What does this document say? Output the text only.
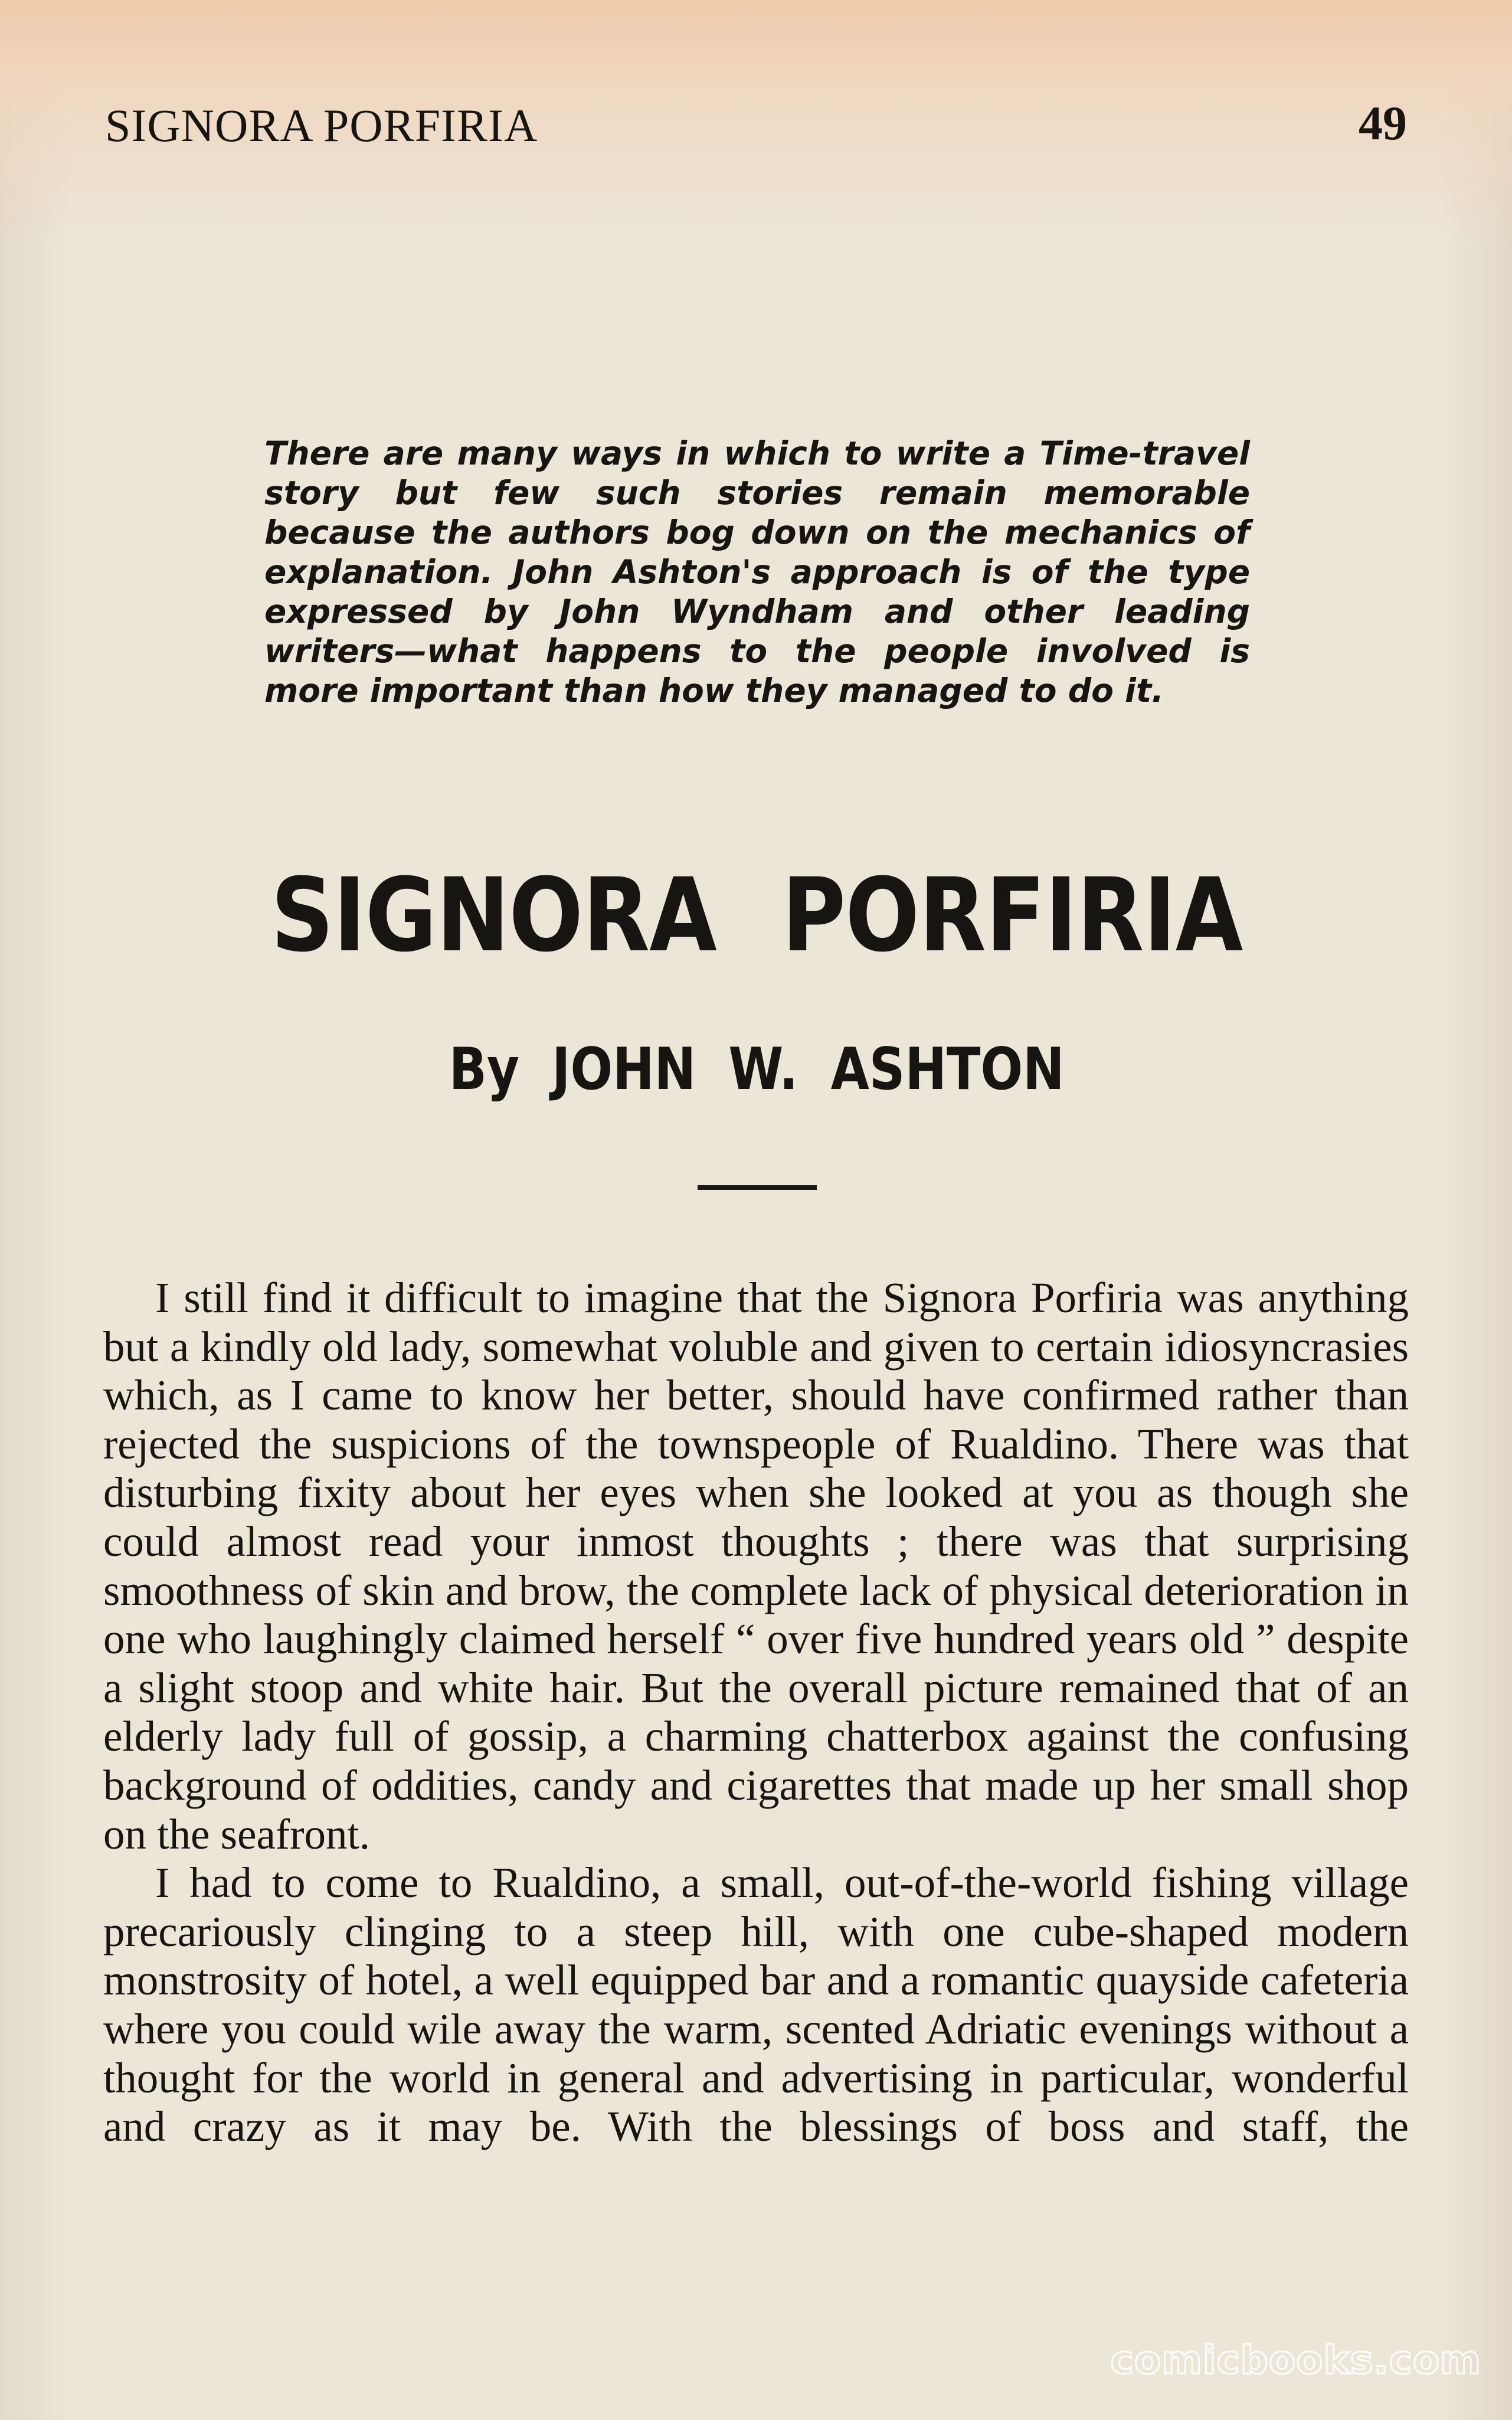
SIGNORA PORFIRIA	49
There are many ways in which to write a Time-travel story but few such stories remain memorable because the authors bog down on the mechanics of explanation. John Ashton's approach is of the type expressed by John Wyndham and other leading writers—what happens to the people involved is more important than how they managed to do it.
SIGNORA PORFIRIA
By JOHN W. ASHTON

I still find it difficult to imagine that the Signora Porfiria was anything but a kindly old lady, somewhat voluble and given to certain idiosyncrasies which, as I came to know her better, should have confirmed rather than rejected the suspicions of the townspeople of Rualdino. There was that disturbing fixity about her eyes when she looked at you as though she could almost read your inmost thoughts ; there was that surprising smoothness of skin and brow, the complete lack of physical deterioration in one who laughingly claimed herself “ over five hundred years old ” despite a slight stoop and white hair. But the overall picture remained that of an elderly lady full of gossip, a charming chatterbox against the confusing background of oddities, candy and cigarettes that made up her small shop on the seafront.

I had to come to Rualdino, a small, out-of-the-world fishing village precariously clinging to a steep hill, with one cube-shaped modern monstrosity of hotel, a well equipped bar and a romantic quayside cafeteria where you could wile away the warm, scented Adriatic evenings without a thought for the world in general and advertising in particular, wonderful and crazy as it may be. With the blessings of boss and staff, the

comicbooks.com
